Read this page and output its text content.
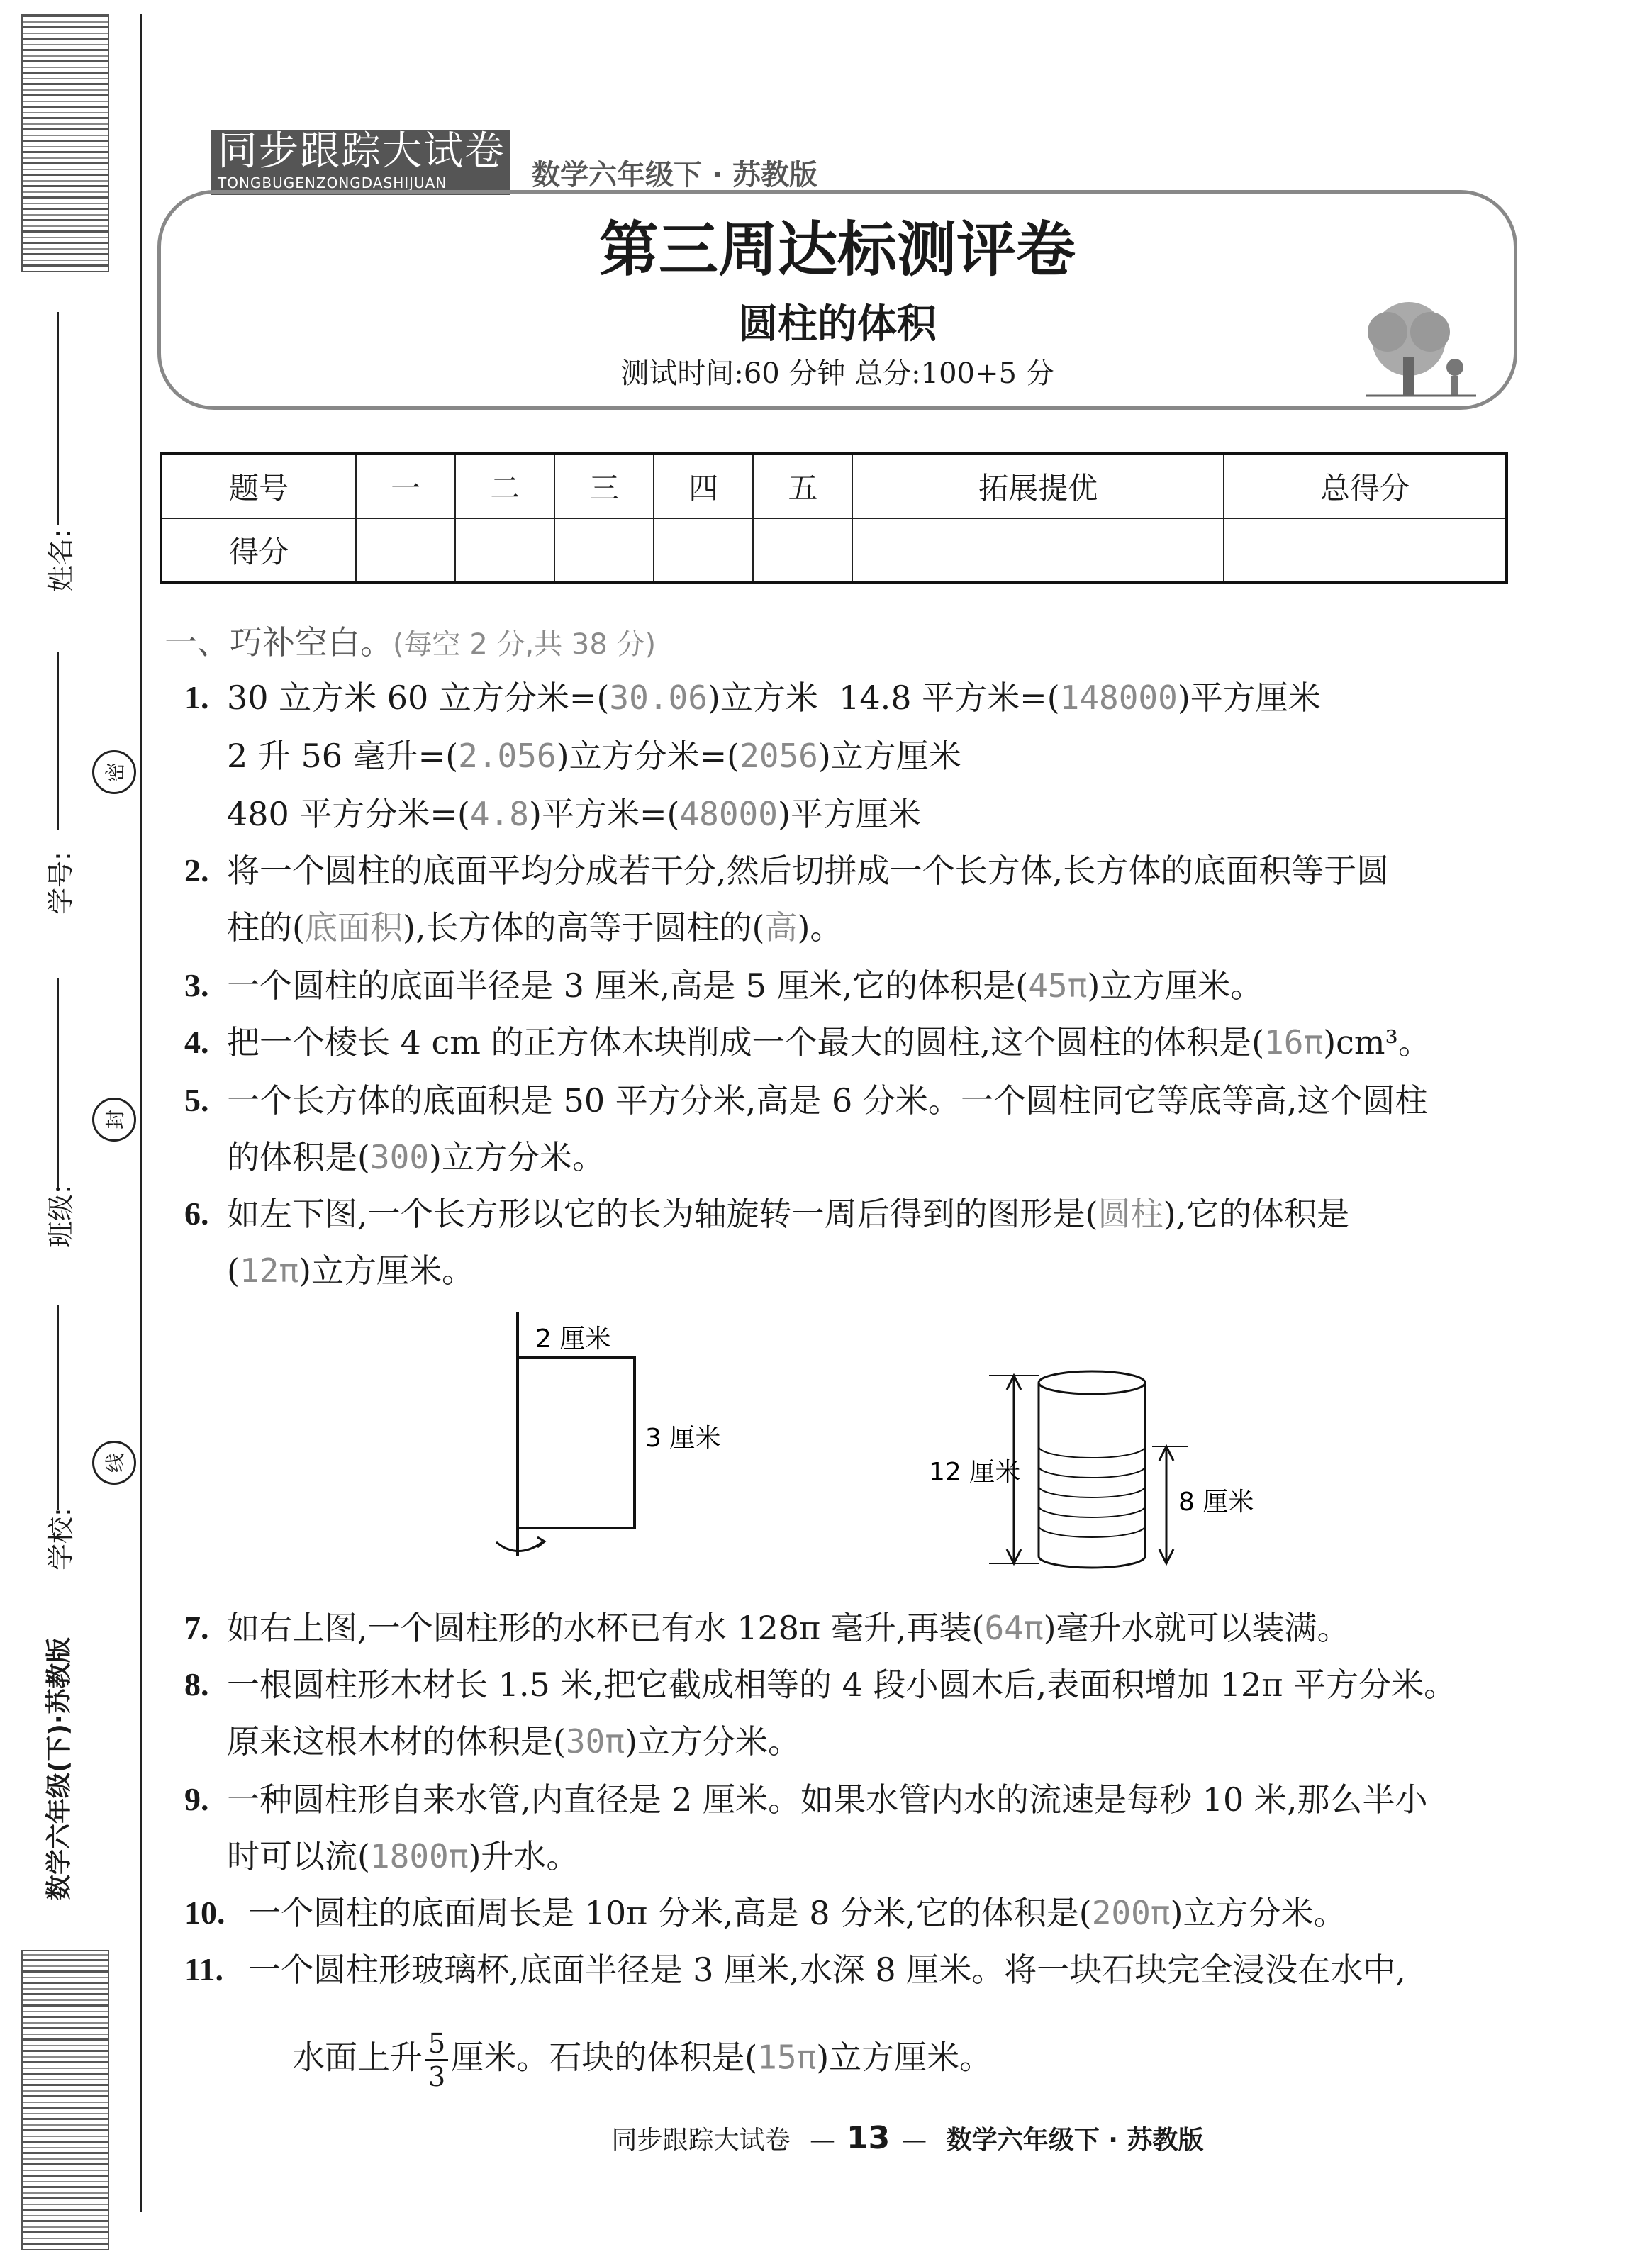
姓名:
密
学号:
封
班级:
线
学校:
数学六年级(下)·苏教版
同步跟踪大试卷
TONGBUGENZONGDASHIJUAN	数学六年级下 · 苏教版
第三周达标测评卷
圆柱的体积
测试时间:60 分钟 总分:100+5 分
题号	一	二	三	四	五	拓展提优	总得分
得分							
一、巧补空白。(每空 2 分,共 38 分)
1. 30 立方米 60 立方分米=(30.06)立方米 14.8 平方米=(148000)平方厘米
2 升 56 毫升=(2.056)立方分米=(2056)立方厘米
480 平方分米=(4.8)平方米=(48000)平方厘米
2. 将一个圆柱的底面平均分成若干分,然后切拼成一个长方体,长方体的底面积等于圆
柱的(底面积),长方体的高等于圆柱的(高)。
3. 一个圆柱的底面半径是 3 厘米,高是 5 厘米,它的体积是(45π)立方厘米。
4. 把一个棱长 4 cm 的正方体木块削成一个最大的圆柱,这个圆柱的体积是(16π)cm³。
5. 一个长方体的底面积是 50 平方分米,高是 6 分米。一个圆柱同它等底等高,这个圆柱
的体积是(300)立方分米。
6. 如左下图,一个长方形以它的长为轴旋转一周后得到的图形是(圆柱),它的体积是
(12π)立方厘米。
2 厘米
3 厘米
12 厘米
8 厘米
7. 如右上图,一个圆柱形的水杯已有水 128π 毫升,再装(64π)毫升水就可以装满。
8. 一根圆柱形木材长 1.5 米,把它截成相等的 4 段小圆木后,表面积增加 12π 平方分米。
原来这根木材的体积是(30π)立方分米。
9. 一种圆柱形自来水管,内直径是 2 厘米。如果水管内水的流速是每秒 10 米,那么半小
时可以流(1800π)升水。
10. 一个圆柱的底面周长是 10π 分米,高是 8 分米,它的体积是(200π)立方分米。
11. 一个圆柱形玻璃杯,底面半径是 3 厘米,水深 8 厘米。将一块石块完全浸没在水中,
水面上升 $\frac{5}{3}$ 厘米。石块的体积是(15π)立方厘米。
同步跟踪大试卷 — 13 — 数学六年级下 · 苏教版
